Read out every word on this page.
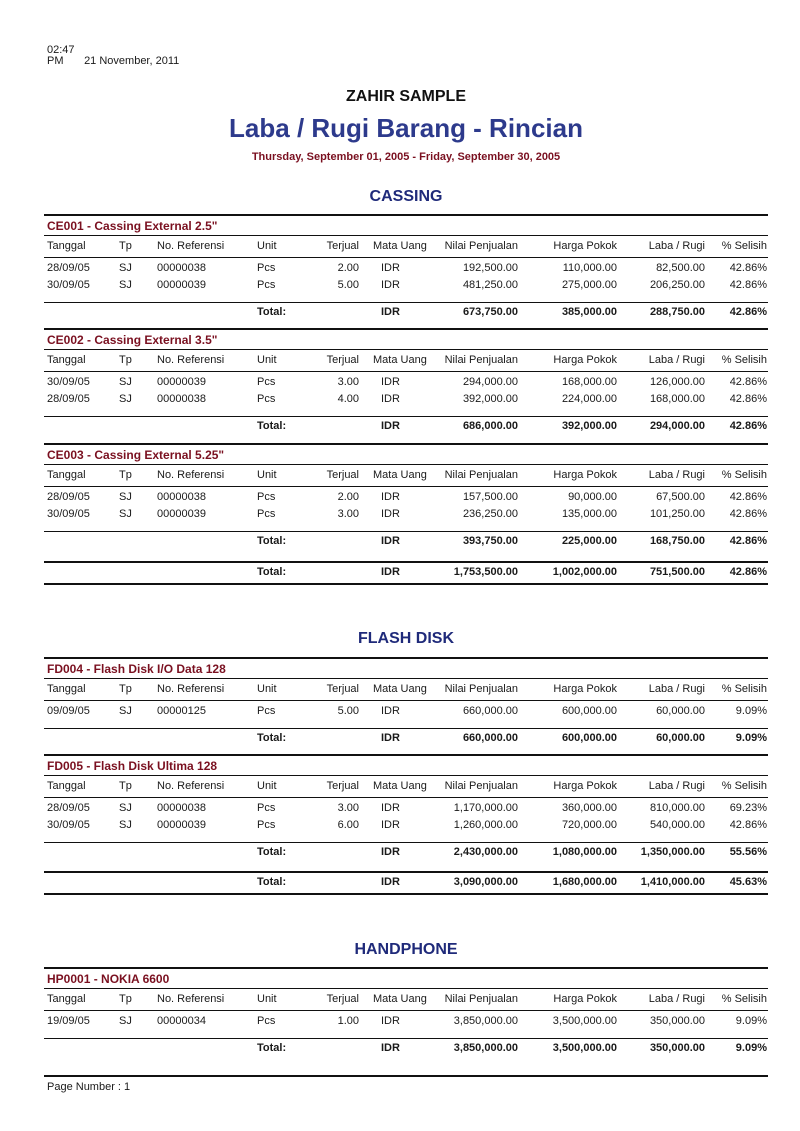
02:47 PM 21 November, 2011
ZAHIR SAMPLE
Laba / Rugi Barang - Rincian
Thursday, September 01, 2005 - Friday, September 30, 2005
CASSING
CE001 - Cassing External 2.5"
Tanggal	Tp No. Referensi	Unit	Terjual Mata Uang Nilai Penjualan	Harga Pokok	Laba / Rugi % Selisih
28/09/05	SJ 00000038	Pcs	2.00 IDR	192,500.00	110,000.00	82,500.00 42.86%
30/09/05	SJ 00000039	Pcs	5.00 IDR	481,250.00	275,000.00	206,250.00 42.86%
Total:	IDR	673,750.00	385,000.00	288,750.00 42.86%
CE002 - Cassing External 3.5"
Tanggal	Tp No. Referensi	Unit	Terjual Mata Uang Nilai Penjualan	Harga Pokok	Laba / Rugi % Selisih
30/09/05	SJ 00000039	Pcs	3.00 IDR	294,000.00	168,000.00	126,000.00 42.86%
28/09/05	SJ 00000038	Pcs	4.00 IDR	392,000.00	224,000.00	168,000.00 42.86%
Total:	IDR	686,000.00	392,000.00	294,000.00 42.86%
CE003 - Cassing External 5.25"
Tanggal	Tp No. Referensi	Unit	Terjual Mata Uang Nilai Penjualan	Harga Pokok	Laba / Rugi % Selisih
28/09/05	SJ 00000038	Pcs	2.00 IDR	157,500.00	90,000.00	67,500.00 42.86%
30/09/05	SJ 00000039	Pcs	3.00 IDR	236,250.00	135,000.00	101,250.00 42.86%
Total:	IDR	393,750.00	225,000.00	168,750.00 42.86%
Total:	IDR	1,753,500.00	1,002,000.00	751,500.00 42.86%
FLASH DISK
FD004 - Flash Disk I/O Data 128
Tanggal	Tp No. Referensi	Unit	Terjual Mata Uang Nilai Penjualan	Harga Pokok	Laba / Rugi % Selisih
09/09/05	SJ 00000125	Pcs	5.00 IDR	660,000.00	600,000.00	60,000.00	9.09%
Total:	IDR	660,000.00	600,000.00	60,000.00	9.09%
FD005 - Flash Disk Ultima 128
Tanggal	Tp No. Referensi	Unit	Terjual Mata Uang Nilai Penjualan	Harga Pokok	Laba / Rugi % Selisih
28/09/05	SJ 00000038	Pcs	3.00 IDR	1,170,000.00	360,000.00	810,000.00 69.23%
30/09/05	SJ 00000039	Pcs	6.00 IDR	1,260,000.00	720,000.00	540,000.00 42.86%
Total:	IDR	2,430,000.00	1,080,000.00 1,350,000.00 55.56%
Total:	IDR	3,090,000.00	1,680,000.00 1,410,000.00 45.63%
HANDPHONE
HP0001 - NOKIA 6600
Tanggal	Tp No. Referensi	Unit	Terjual Mata Uang Nilai Penjualan	Harga Pokok	Laba / Rugi % Selisih
19/09/05	SJ 00000034	Pcs	1.00 IDR	3,850,000.00	3,500,000.00	350,000.00	9.09%
Total:	IDR	3,850,000.00	3,500,000.00	350,000.00	9.09%
Page Number : 1
